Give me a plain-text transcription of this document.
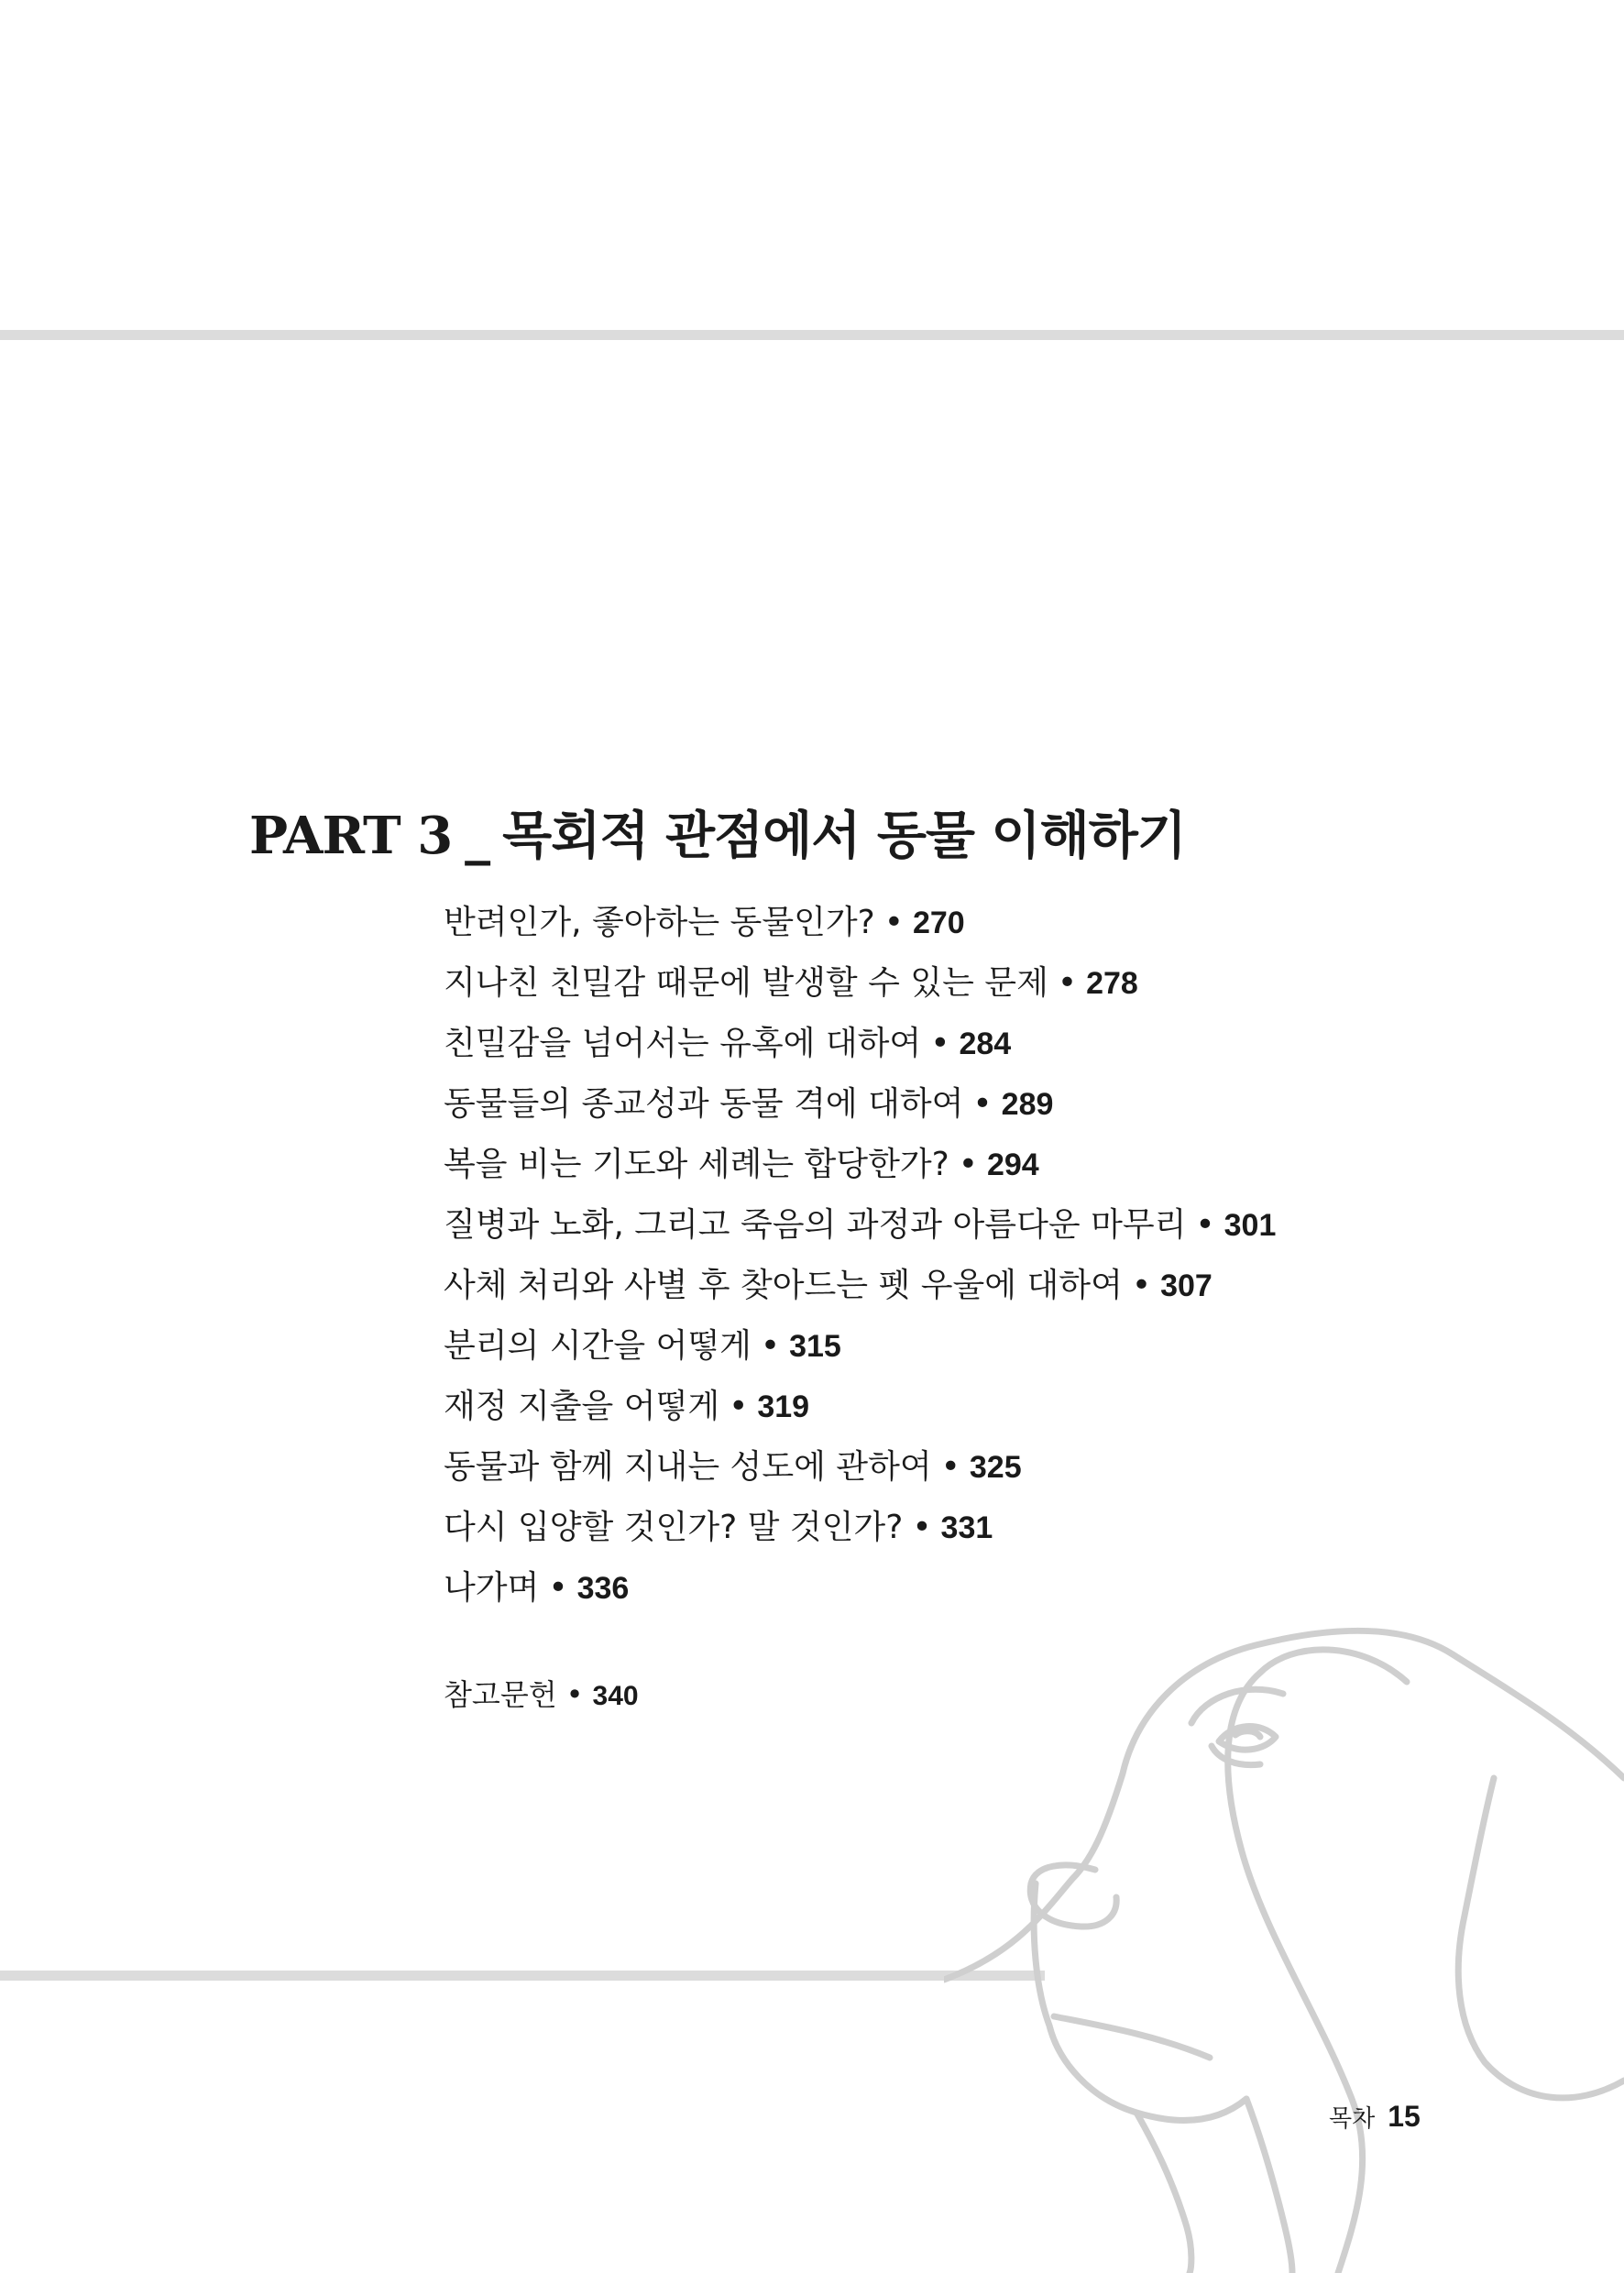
PART 3 _ 목회적 관점에서 동물 이해하기
반려인가, 좋아하는 동물인가? • 270
지나친 친밀감 때문에 발생할 수 있는 문제 • 278
친밀감을 넘어서는 유혹에 대하여 • 284
동물들의 종교성과 동물 격에 대하여 • 289
복을 비는 기도와 세례는 합당한가? • 294
질병과 노화, 그리고 죽음의 과정과 아름다운 마무리 • 301
사체 처리와 사별 후 찾아드는 펫 우울에 대하여 • 307
분리의 시간을 어떻게 • 315
재정 지출을 어떻게 • 319
동물과 함께 지내는 성도에 관하여 • 325
다시 입양할 것인가? 말 것인가? • 331
나가며 • 336
참고문헌 • 340
목차 15
